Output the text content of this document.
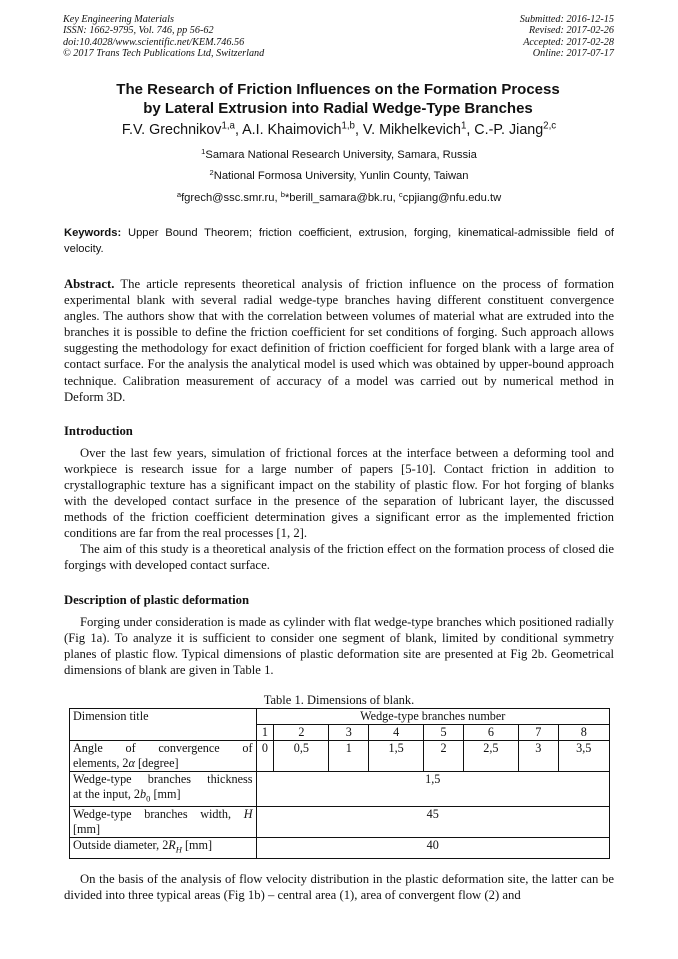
Key Engineering Materials
ISSN: 1662-9795, Vol. 746, pp 56-62
doi:10.4028/www.scientific.net/KEM.746.56
© 2017 Trans Tech Publications Ltd, Switzerland
Submitted: 2016-12-15
Revised: 2017-02-26
Accepted: 2017-02-28
Online: 2017-07-17
The Research of Friction Influences on the Formation Process
by Lateral Extrusion into Radial Wedge-Type Branches
F.V. Grechnikov$^{1,a}$, A.I. Khaimovich$^{1,b}$, V. Mikhelkevich$^1$, C.-P. Jiang$^{2,c}$
$^1$Samara National Research University, Samara, Russia
$^2$National Formosa University, Yunlin County, Taiwan
$^a$fgrech@ssc.smr.ru, $^b$*berill_samara@bk.ru, $^c$cpjiang@nfu.edu.tw
Keywords: Upper Bound Theorem; friction coefficient, extrusion, forging, kinematical-admissible field of velocity.
Abstract. The article represents theoretical analysis of friction influence on the process of formation experimental blank with several radial wedge-type branches having different constituent convergence angles. The authors show that with the correlation between volumes of material what are extruded into the branches it is possible to define the friction coefficient for set conditions of forging. Such approach allows suggesting the methodology for exact definition of friction coefficient for forged blank with a large area of contact surface. For the analysis the analytical model is used which was obtained by upper-bound approach technique. Calibration measurement of accuracy of a model was carried out by numerical method in Deform 3D.
Introduction
Over the last few years, simulation of frictional forces at the interface between a deforming tool and workpiece is research issue for a large number of papers [5-10]. Contact friction in addition to crystallographic texture has a significant impact on the stability of plastic flow. For hot forging of blanks with the developed contact surface in the presence of the separation of lubricant layer, the discussed methods of the friction coefficient determination gives a significant error as the implemented friction conditions are far from the real processes [1, 2].
The aim of this study is a theoretical analysis of the friction effect on the formation process of closed die forgings with developed contact surface.
Description of plastic deformation
Forging under consideration is made as cylinder with flat wedge-type branches which positioned radially (Fig 1a). To analyze it is sufficient to consider one segment of blank, limited by conditional symmetry planes of plastic flow. Typical dimensions of plastic deformation site are presented at Fig 2b. Geometrical dimensions of blank are given in Table 1.
Table 1. Dimensions of blank.
Dimension title	Wedge-type branches number							
	1	2	3	4	5	6	7	8

Angle of convergence of
elements, 2α [degree]	0	0,5	1	1,5	2	2,5	3	3,5

Wedge-type branches thickness
at the input, $2b_0$ [mm]	1,5							

Wedge-type branches width, H
[mm]	45							
Outside diameter, $2R_H$ [mm]	40							
On the basis of the analysis of flow velocity distribution in the plastic deformation site, the latter can be divided into three typical areas (Fig 1b) – central area (1), area of convergent flow (2) and
